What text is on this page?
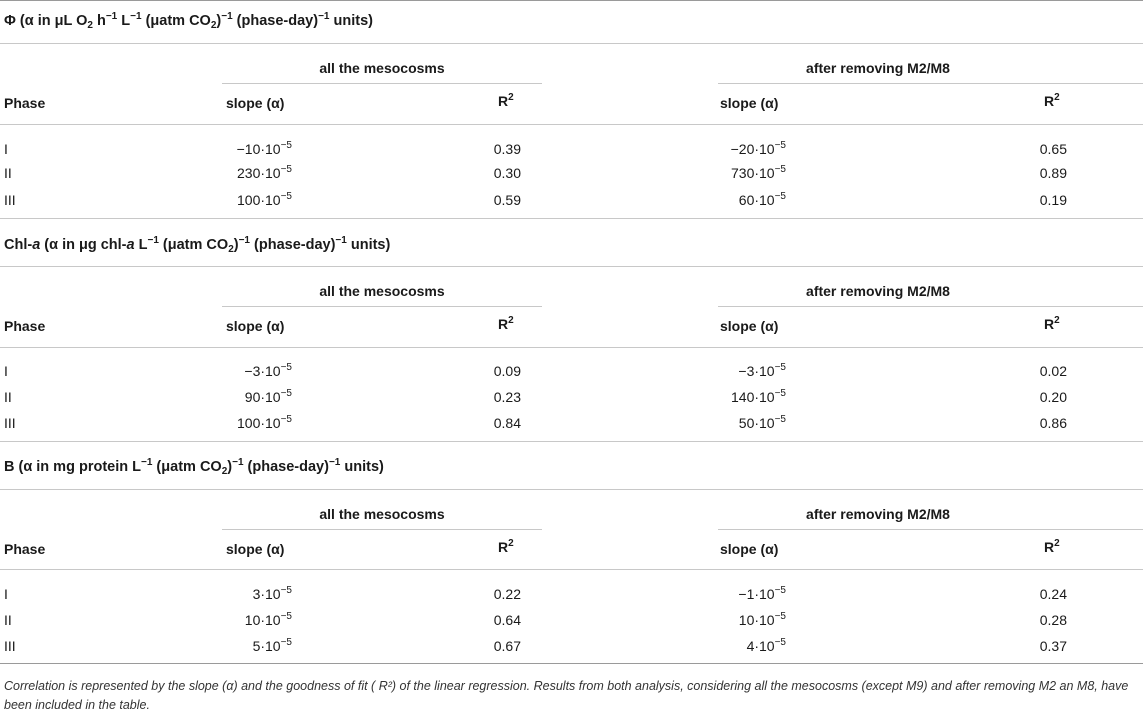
Φ (α in μL $O_2$ $h^{-1}$ $L^{-1}$ (μatm $CO_2)^{-1}$ (phase-day)$^{-1}$ units)
all the mesocosms	after removing M2/M8
Phase	slope (α)	$R^2$	slope (α)	$R^2$
I	$-10\cdot 10^{-5}$	0.39	$-20\cdot 10^{-5}$	0.65
II	$230\cdot 10^{-5}$	0.30	$730\cdot 10^{-5}$	0.89
III	$100\cdot 10^{-5}$	0.59	$60\cdot 10^{-5}$	0.19
Chl-a (α in μg chl-a $L^{-1}$ (μatm $CO_2)^{-1}$ (phase-day)$^{-1}$ units)
all the mesocosms	after removing M2/M8
Phase	slope (α)	$R^2$	slope (α)	$R^2$
I	$-3\cdot 10^{-5}$	0.09	$-3\cdot 10^{-5}$	0.02
II	$90\cdot 10^{-5}$	0.23	$140\cdot 10^{-5}$	0.20
III	$100\cdot 10^{-5}$	0.84	$50\cdot 10^{-5}$	0.86
B (α in mg protein $L^{-1}$ (μatm $CO_2)^{-1}$ (phase-day)$^{-1}$ units)
all the mesocosms	after removing M2/M8
Phase	slope (α)	$R^2$	slope (α)	$R^2$
I	$3\cdot 10^{-5}$	0.22	$-1\cdot 10^{-5}$	0.24
II	$10\cdot 10^{-5}$	0.64	$10\cdot 10^{-5}$	0.28
III	$5\cdot 10^{-5}$	0.67	$4\cdot 10^{-5}$	0.37
Correlation is represented by the slope (α) and the goodness of fit ( R²) of the linear regression. Results from both analysis, considering all the mesocosms (except M9) and after removing M2 an M8, have been included in the table.
